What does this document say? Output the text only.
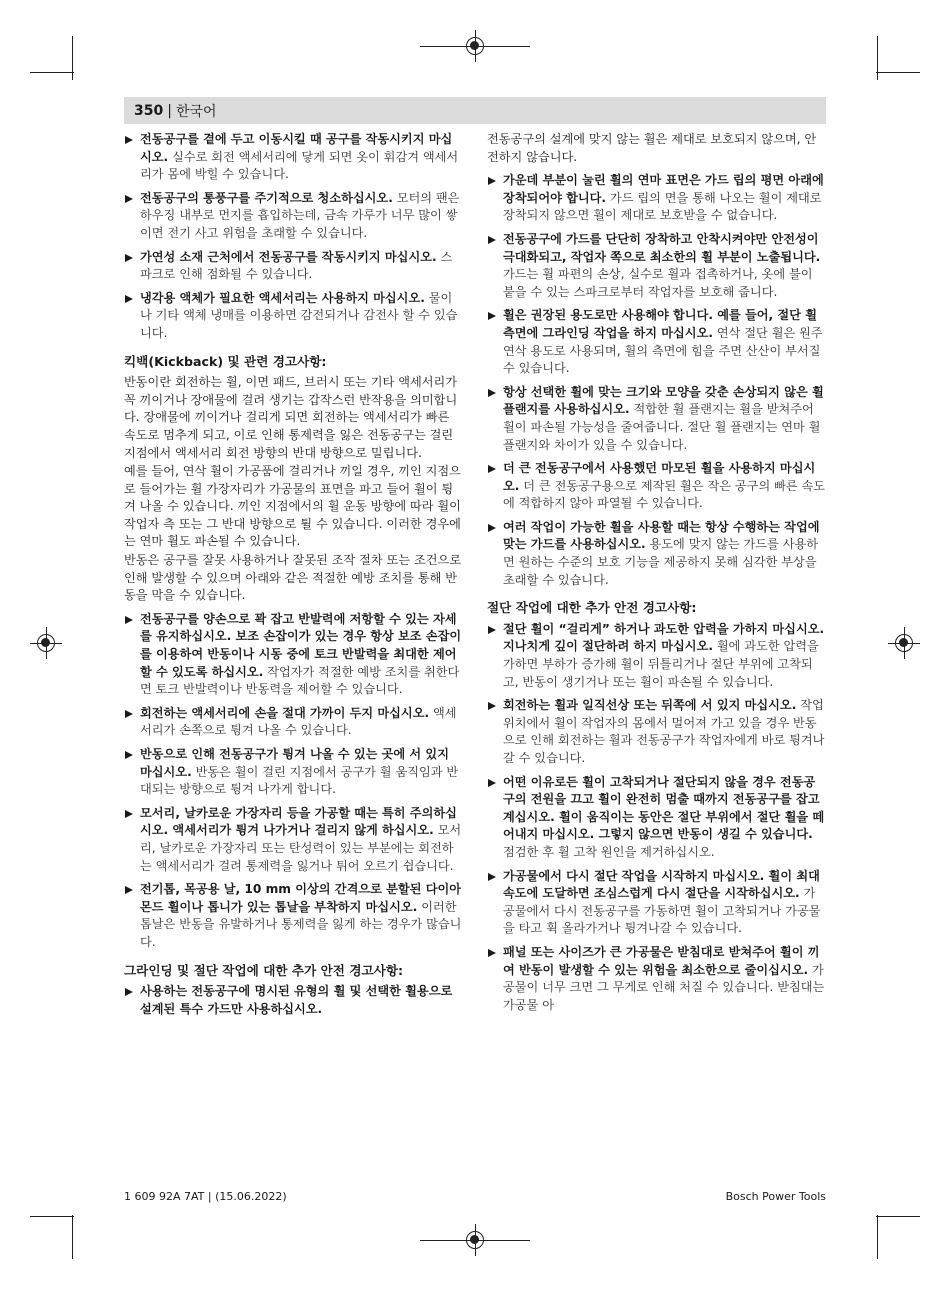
350 | 한국어
전동공구를 곁에 두고 이동시킬 때 공구를 작동시키지 마십시오. 실수로 회전 액세서리에 닿게 되면 옷이 휘감겨 액세서리가 몸에 박힐 수 있습니다.
전동공구의 통풍구를 주기적으로 청소하십시오. 모터의 팬은 하우징 내부로 먼지를 흡입하는데, 금속 가루가 너무 많이 쌓이면 전기 사고 위험을 초래할 수 있습니다.
가연성 소재 근처에서 전동공구를 작동시키지 마십시오. 스파크로 인해 점화될 수 있습니다.
냉각용 액체가 필요한 액세서리는 사용하지 마십시오. 물이나 기타 액체 냉매를 이용하면 감전되거나 감전사 할 수 있습니다.
킥백(Kickback) 및 관련 경고사항:
반동이란 회전하는 휠, 이면 패드, 브러시 또는 기타 액세서리가 꼭 끼이거나 장애물에 걸려 생기는 갑작스런 반작용을 의미합니다. 장애물에 끼이거나 걸리게 되면 회전하는 액세서리가 빠른 속도로 멈추게 되고, 이로 인해 통제력을 잃은 전동공구는 걸린 지점에서 액세서리 회전 방향의 반대 방향으로 밀립니다.
예를 들어, 연삭 휠이 가공품에 걸리거나 끼일 경우, 끼인 지점으로 들어가는 휠 가장자리가 가공물의 표면을 파고 들어 휠이 튕겨 나올 수 있습니다. 끼인 지점에서의 휠 운동 방향에 따라 휠이 작업자 측 또는 그 반대 방향으로 튈 수 있습니다. 이러한 경우에는 연마 휠도 파손될 수 있습니다.
반동은 공구를 잘못 사용하거나 잘못된 조작 절차 또는 조건으로 인해 발생할 수 있으며 아래와 같은 적절한 예방 조치를 통해 반동을 막을 수 있습니다.
전동공구를 양손으로 꽉 잡고 반발력에 저항할 수 있는 자세를 유지하십시오. 보조 손잡이가 있는 경우 항상 보조 손잡이를 이용하여 반동이나 시동 중에 토크 반발력을 최대한 제어할 수 있도록 하십시오. 작업자가 적절한 예방 조치를 취한다면 토크 반발력이나 반동력을 제어할 수 있습니다.
회전하는 액세서리에 손을 절대 가까이 두지 마십시오. 액세서리가 손쪽으로 튕겨 나올 수 있습니다.
반동으로 인해 전동공구가 튕겨 나올 수 있는 곳에 서 있지 마십시오. 반동은 휠이 걸린 지점에서 공구가 휠 움직임과 반대되는 방향으로 튕겨 나가게 합니다.
모서리, 날카로운 가장자리 등을 가공할 때는 특히 주의하십시오. 액세서리가 튕겨 나가거나 걸리지 않게 하십시오. 모서리, 날카로운 가장자리 또는 탄성력이 있는 부분에는 회전하는 액세서리가 걸려 통제력을 잃거나 튀어 오르기 쉽습니다.
전기톱, 목공용 날, 10 mm 이상의 간격으로 분할된 다이아몬드 휠이나 톱니가 있는 톱날을 부착하지 마십시오. 이러한 톱날은 반동을 유발하거나 통제력을 잃게 하는 경우가 많습니다.
그라인딩 및 절단 작업에 대한 추가 안전 경고사항:
사용하는 전동공구에 명시된 유형의 휠 및 선택한 휠용으로 설계된 특수 가드만 사용하십시오.
전동공구의 설계에 맞지 않는 휠은 제대로 보호되지 않으며, 안전하지 않습니다.
가운데 부분이 눌린 휠의 연마 표면은 가드 립의 평면 아래에 장착되어야 합니다. 가드 립의 면을 통해 나오는 휠이 제대로 장착되지 않으면 휠이 제대로 보호받을 수 없습니다.
전동공구에 가드를 단단히 장착하고 안착시켜야만 안전성이 극대화되고, 작업자 쪽으로 최소한의 휠 부분이 노출됩니다. 가드는 휠 파편의 손상, 실수로 휠과 접촉하거나, 옷에 불이 붙을 수 있는 스파크로부터 작업자를 보호해 줍니다.
휠은 권장된 용도로만 사용해야 합니다. 예를 들어, 절단 휠 측면에 그라인딩 작업을 하지 마십시오. 연삭 절단 휠은 원주 연삭 용도로 사용되며, 휠의 측면에 힘을 주면 산산이 부서질 수 있습니다.
항상 선택한 휠에 맞는 크기와 모양을 갖춘 손상되지 않은 휠 플랜지를 사용하십시오. 적합한 휠 플랜지는 휠을 받쳐주어 휠이 파손될 가능성을 줄여줍니다. 절단 휠 플랜지는 연마 휠 플랜지와 차이가 있을 수 있습니다.
더 큰 전동공구에서 사용했던 마모된 휠을 사용하지 마십시오. 더 큰 전동공구용으로 제작된 휠은 작은 공구의 빠른 속도에 적합하지 않아 파열될 수 있습니다.
여러 작업이 가능한 휠을 사용할 때는 항상 수행하는 작업에 맞는 가드를 사용하십시오. 용도에 맞지 않는 가드를 사용하면 원하는 수준의 보호 기능을 제공하지 못해 심각한 부상을 초래할 수 있습니다.
절단 작업에 대한 추가 안전 경고사항:
절단 휠이 “걸리게” 하거나 과도한 압력을 가하지 마십시오. 지나치게 깊이 절단하려 하지 마십시오. 휠에 과도한 압력을 가하면 부하가 증가해 휠이 뒤틀리거나 절단 부위에 고착되고, 반동이 생기거나 또는 휠이 파손될 수 있습니다.
회전하는 휠과 일직선상 또는 뒤쪽에 서 있지 마십시오. 작업 위치에서 휠이 작업자의 몸에서 멀어져 가고 있을 경우 반동으로 인해 회전하는 휠과 전동공구가 작업자에게 바로 튕겨나갈 수 있습니다.
어떤 이유로든 휠이 고착되거나 절단되지 않을 경우 전동공구의 전원을 끄고 휠이 완전히 멈출 때까지 전동공구를 잡고 계십시오. 휠이 움직이는 동안은 절단 부위에서 절단 휠을 떼어내지 마십시오. 그렇지 않으면 반동이 생길 수 있습니다. 점검한 후 휠 고착 원인을 제거하십시오.
가공물에서 다시 절단 작업을 시작하지 마십시오. 휠이 최대 속도에 도달하면 조심스럽게 다시 절단을 시작하십시오. 가공물에서 다시 전동공구를 가동하면 휠이 고착되거나 가공물을 타고 휙 올라가거나 튕겨나갈 수 있습니다.
패널 또는 사이즈가 큰 가공물은 받침대로 받쳐주어 휠이 끼여 반동이 발생할 수 있는 위험을 최소한으로 줄이십시오. 가공물이 너무 크면 그 무게로 인해 처질 수 있습니다. 받침대는 가공물 아
1 609 92A 7AT | (15.06.2022)	Bosch Power Tools
